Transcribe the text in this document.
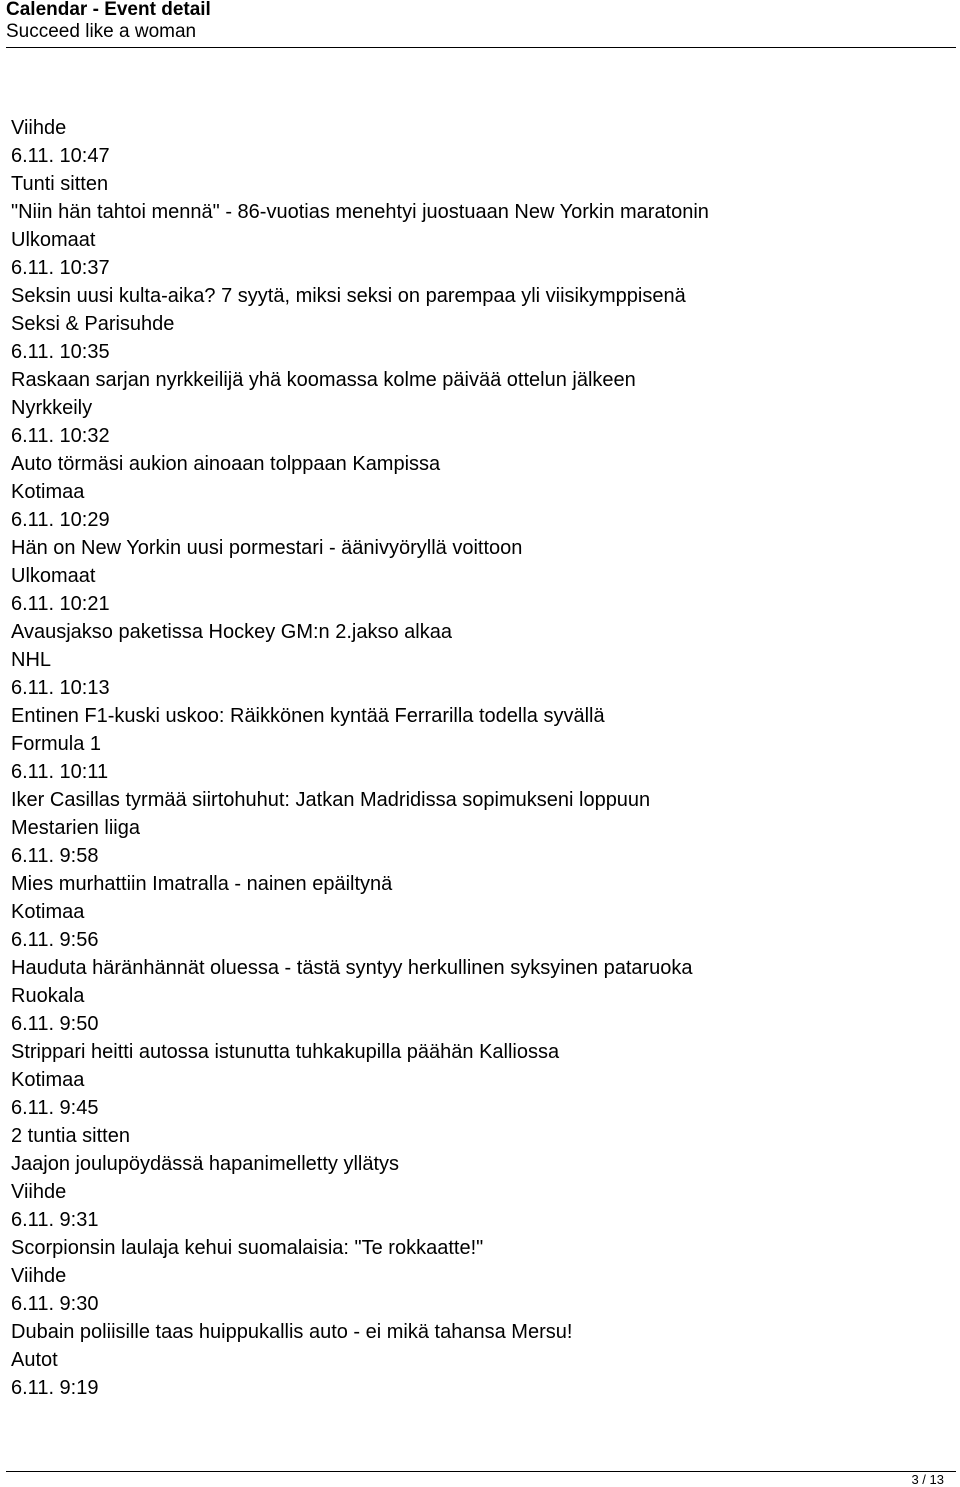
Calendar - Event detail
Succeed like a woman
Viihde
6.11. 10:47
Tunti sitten
"Niin hän tahtoi mennä" - 86-vuotias menehtyi juostuaan New Yorkin maratonin
Ulkomaat
6.11. 10:37
Seksin uusi kulta-aika? 7 syytä, miksi seksi on parempaa yli viisikymppisenä
Seksi & Parisuhde
6.11. 10:35
Raskaan sarjan nyrkkeilijä yhä koomassa kolme päivää ottelun jälkeen
Nyrkkeily
6.11. 10:32
Auto törmäsi aukion ainoaan tolppaan Kampissa
Kotimaa
6.11. 10:29
Hän on New Yorkin uusi pormestari - äänivyöryllä voittoon
Ulkomaat
6.11. 10:21
Avausjakso paketissa Hockey GM:n 2.jakso alkaa
NHL
6.11. 10:13
Entinen F1-kuski uskoo: Räikkönen kyntää Ferrarilla todella syvällä
Formula 1
6.11. 10:11
Iker Casillas tyrmää siirtohuhut: Jatkan Madridissa sopimukseni loppuun
Mestarien liiga
6.11. 9:58
Mies murhattiin Imatralla - nainen epäiltynä
Kotimaa
6.11. 9:56
Hauduta häränhännät oluessa - tästä syntyy herkullinen syksyinen pataruoka
Ruokala
6.11. 9:50
Strippari heitti autossa istunutta tuhkakupilla päähän Kalliossa
Kotimaa
6.11. 9:45
2 tuntia sitten
Jaajon joulupöydässä hapanimelletty yllätys
Viihde
6.11. 9:31
Scorpionsin laulaja kehui suomalaisia: "Te rokkaatte!"
Viihde
6.11. 9:30
Dubain poliisille taas huippukallis auto - ei mikä tahansa Mersu!
Autot
6.11. 9:19
3 / 13
